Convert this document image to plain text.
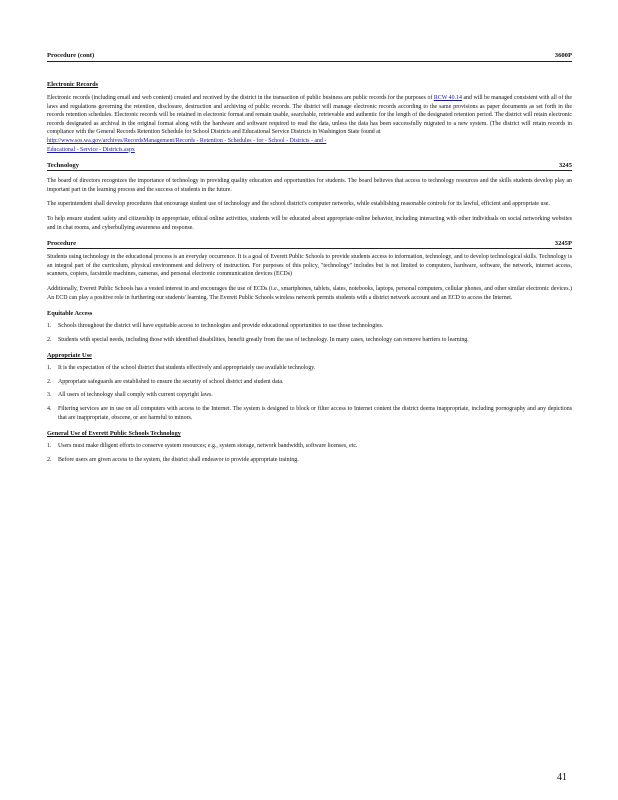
Procedure (cont)	3600P
Electronic Records

Electronic records (including email and web content) created and received by the district in the transaction of public business are public records for the purposes of RCW 40.14 and will be managed consistent with all of the laws and regulations governing the retention, disclosure, destruction and archiving of public records. The district will manage electronic records according to the same provisions as paper documents as set forth in the records retention schedules. Electronic records will be retained in electronic format and remain usable, searchable, retrievable and authentic for the length of the designated retention period. The district will retain electronic records designated as archival in the original format along with the hardware and software required to read the data, unless the data has been successfully migrated to a new system. (The district will retain records in compliance with the General Records Retention Schedule for School Districts and Educational Service Districts in Washington State found at

http://www.sos.wa.gov/archives/RecordsManagement/Records - Retention - Schedules - for - School - Districts - and -
Educational - Service - Districts.aspx
Technology	3245

The board of directors recognizes the importance of technology in providing quality education and opportunities for students. The board believes that access to technology resources and the skills students develop play an important part in the learning process and the success of students in the future.

The superintendent shall develop procedures that encourage student use of technology and the school district's computer networks, while establishing reasonable controls for its lawful, efficient and appropriate use.

To help ensure student safety and citizenship in appropriate, ethical online activities, students will be educated about appropriate online behavior, including interacting with other individuals on social networking websites and in chat rooms, and cyberbullying awareness and response.

Procedure	3245P

Students using technology in the educational process is an everyday occurrence. It is a goal of Everett Public Schools to provide students access to information, technology, and to develop technological skills. Technology is an integral part of the curriculum, physical environment and delivery of instruction. For purposes of this policy, "technology" includes but is not limited to computers, hardware, software, the network, internet access, scanners, copiers, facsimile machines, cameras, and personal electronic communication devices (ECDs)

Additionally, Everett Public Schools has a vested interest in and encourages the use of ECDs (i.e., smartphones, tablets, slates, notebooks, laptops, personal computers, cellular phones, and other similar electronic devices.) An ECD can play a positive role in furthering our students' learning. The Everett Public Schools wireless network permits students with a district network account and an ECD to access the Internet.

Equitable Access
1.	Schools throughout the district will have equitable access to technologies and provide educational opportunities to use those technologies.
2.	Students with special needs, including those with identified disabilities, benefit greatly from the use of technology. In many cases, technology can remove barriers to learning.
Appropriate Use
1.	It is the expectation of the school district that students effectively and appropriately use available technology.
2.	Appropriate safeguards are established to ensure the security of school district and student data.
3.	All users of technology shall comply with current copyright laws.
4.	Filtering services are in use on all computers with access to the Internet. The system is designed to block or filter access to Internet content the district deems inappropriate, including pornography and any depictions that are inappropriate, obscene, or are harmful to minors.
General Use of Everett Public Schools Technology
1.	Users must make diligent efforts to conserve system resources; e.g., system storage, network bandwidth, software licenses, etc.
2.	Before users are given access to the system, the district shall endeavor to provide appropriate training.
41
